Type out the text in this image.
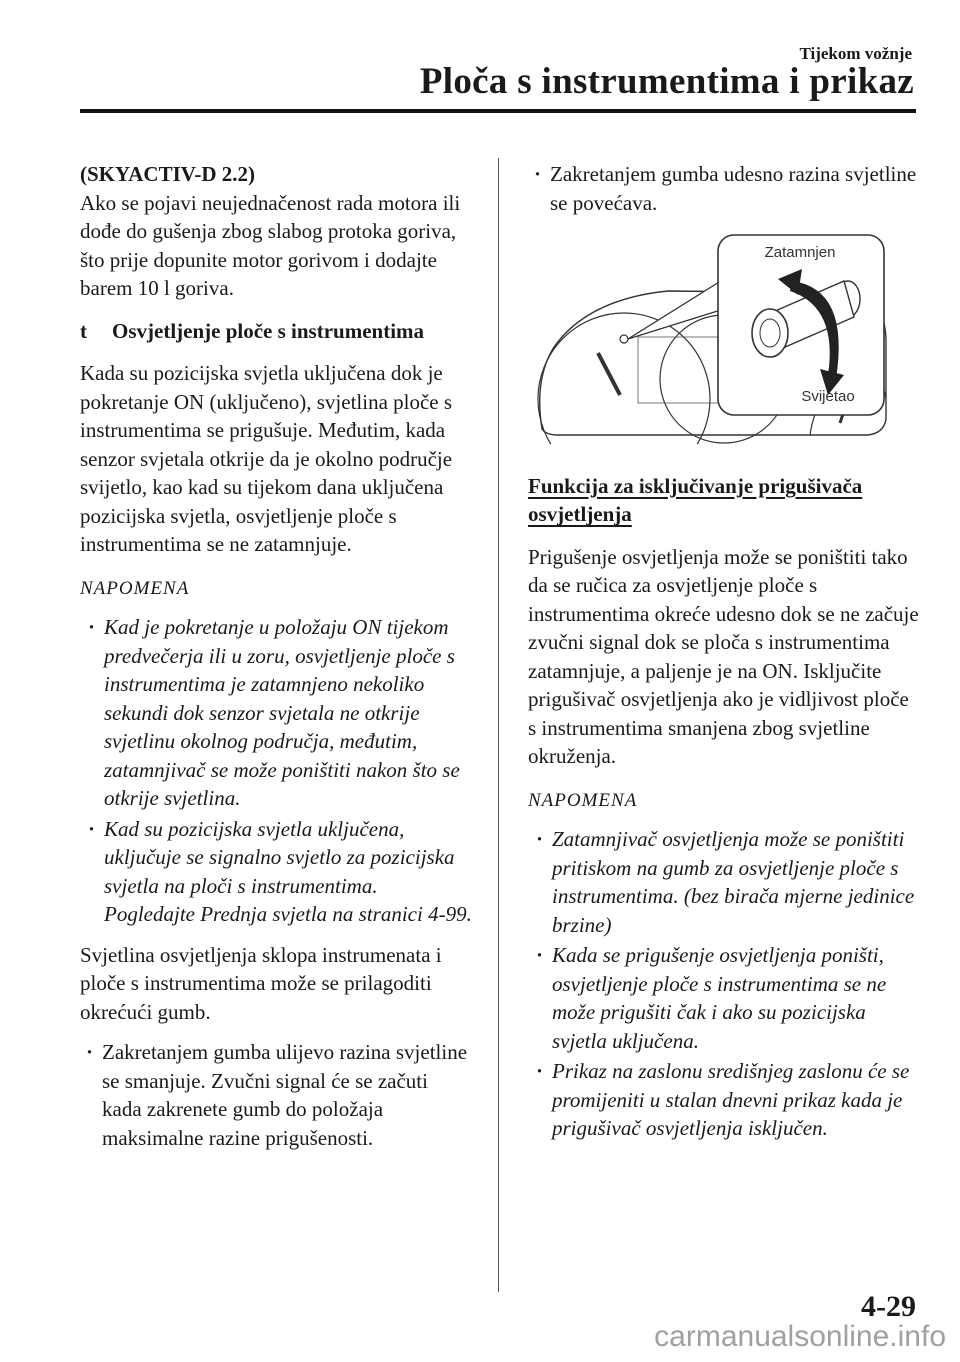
Tijekom vožnje
Ploča s instrumentima i prikaz

(SKYACTIV-D 2.2)

Ako se pojavi neujednačenost rada motora ili dođe do gušenja zbog slabog protoka goriva, što prije dopunite motor gorivom i dodajte barem 10 l goriva.

t	Osvjetljenje ploče s instrumentima

Kada su pozicijska svjetla uključena dok je pokretanje ON (uključeno), svjetlina ploče s instrumentima se prigušuje. Međutim, kada senzor svjetala otkrije da je okolno područje svijetlo, kao kad su tijekom dana uključena pozicijska svjetla, osvjetljenje ploče s instrumentima se ne zatamnjuje.

NAPOMENA
· Kad je pokretanje u položaju ON tijekom predvečerja ili u zoru, osvjetljenje ploče s instrumentima je zatamnjeno nekoliko sekundi dok senzor svjetala ne otkrije svjetlinu okolnog područja, međutim, zatamnjivač se može poništiti nakon što se otkrije svjetlina.
· Kad su pozicijska svjetla uključena, uključuje se signalno svjetlo za pozicijska svjetla na ploči s instrumentima.
Pogledajte Prednja svjetla na stranici 4-99.

Svjetlina osvjetljenja sklopa instrumenata i ploče s instrumentima može se prilagoditi okrećući gumb.

· Zakretanjem gumba ulijevo razina svjetline se smanjuje. Zvučni signal će se začuti kada zakrenete gumb do položaja maksimalne razine prigušenosti.
· Zakretanjem gumba udesno razina svjetline se povećava.
Zatamnjen
Svijetao
Funkcija za isključivanje prigušivača osvjetljenja

Prigušenje osvjetljenja može se poništiti tako da se ručica za osvjetljenje ploče s instrumentima okreće udesno dok se ne začuje zvučni signal dok se ploča s instrumentima zatamnjuje, a paljenje je na ON. Isključite prigušivač osvjetljenja ako je vidljivost ploče s instrumentima smanjena zbog svjetline okruženja.

NAPOMENA
· Zatamnjivač osvjetljenja može se poništiti pritiskom na gumb za osvjetljenje ploče s instrumentima. (bez birača mjerne jedinice brzine)
· Kada se prigušenje osvjetljenja poništi, osvjetljenje ploče s instrumentima se ne može prigušiti čak i ako su pozicijska svjetla uključena.
· Prikaz na zaslonu središnjeg zaslonu će se promijeniti u stalan dnevni prikaz kada je prigušivač osvjetljenja isključen.
4-29
carmanualsonline.info
